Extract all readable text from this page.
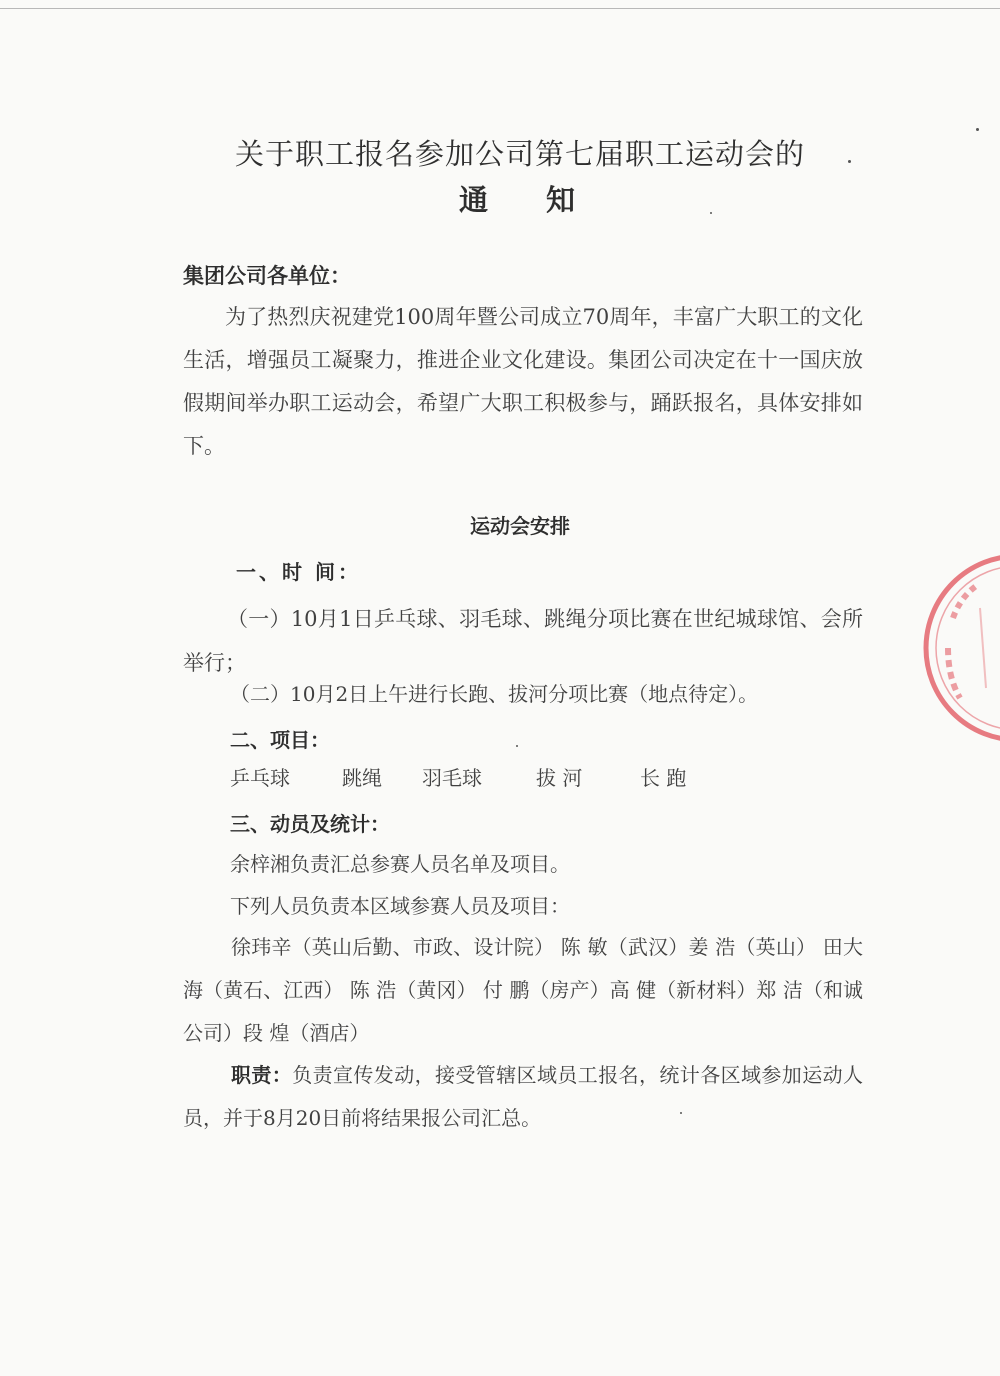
关于职工报名参加公司第七届职工运动会的
通知
集团公司各单位：
为了热烈庆祝建党100周年暨公司成立70周年，丰富广大职工的文化生活，增强员工凝聚力，推进企业文化建设。集团公司决定在十一国庆放假期间举办职工运动会，希望广大职工积极参与，踊跃报名，具体安排如下。
运动会安排
一、时 间：
（一）10月1日乒乓球、羽毛球、跳绳分项比赛在世纪城球馆、会所举行；
（二）10月2日上午进行长跑、拔河分项比赛（地点待定）。
二、项目：
乒乓球	跳绳 羽毛球	拔 河	长 跑
三、动员及统计：
余梓湘负责汇总参赛人员名单及项目。
下列人员负责本区域参赛人员及项目：
徐玮辛（英山后勤、市政、设计院） 陈 敏（武汉）姜 浩（英山） 田大海（黄石、江西） 陈 浩（黄冈） 付 鹏（房产）高 健（新材料）郑 洁（和诚公司）段 煌（酒店）
职责：负责宣传发动，接受管辖区域员工报名，统计各区域参加运动人员，并于8月20日前将结果报公司汇总。
